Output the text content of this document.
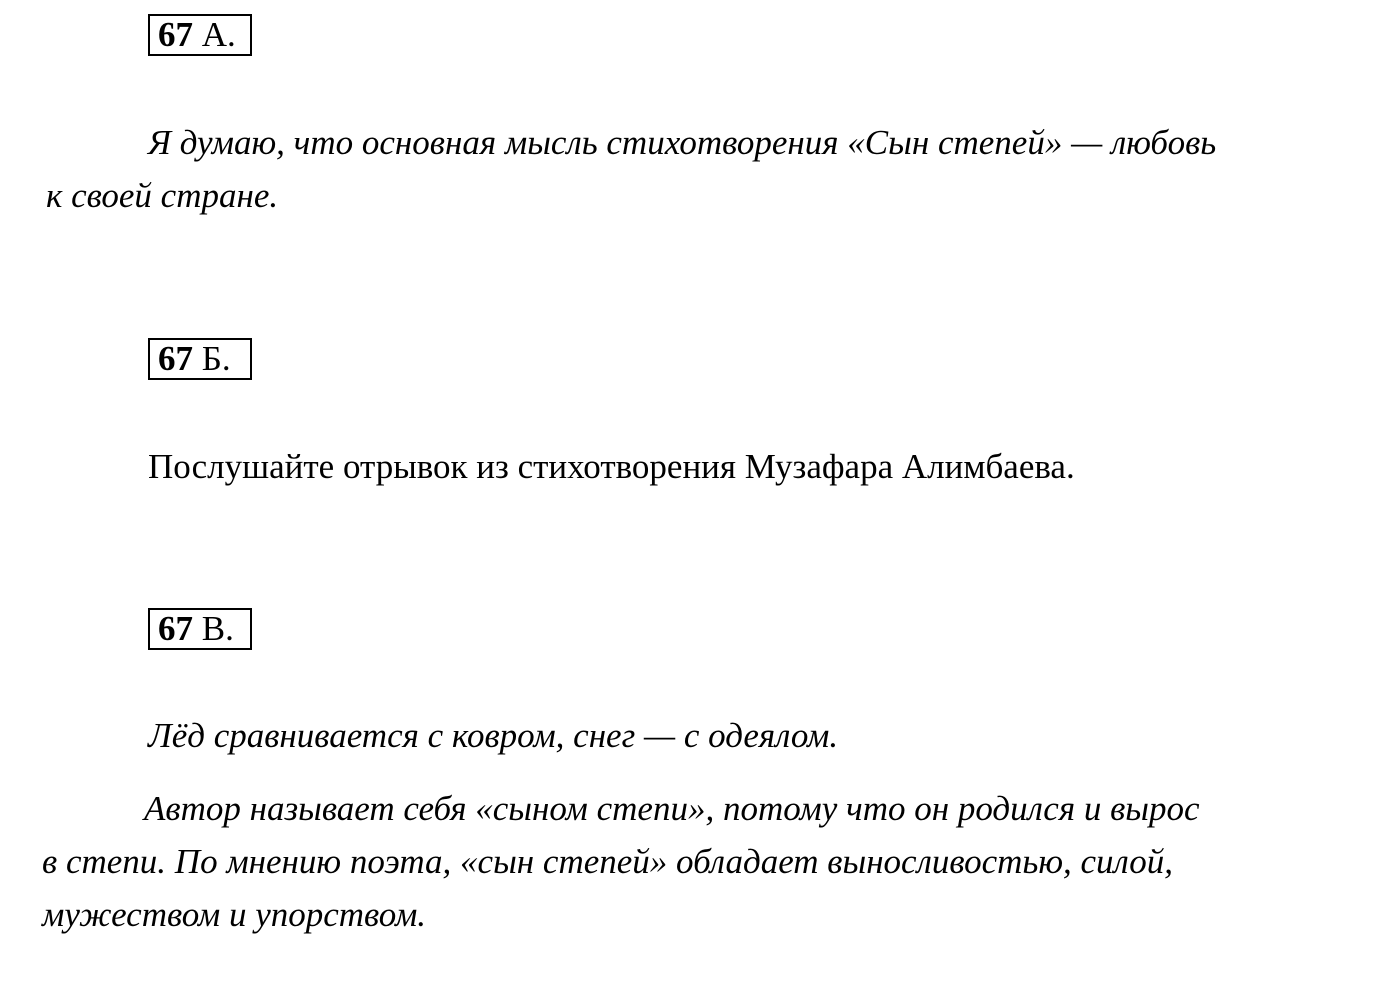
67 А.

Я думаю, что основная мысль стихотворения «Сын степей» — любовь

к своей стране.

67 Б.

Послушайте отрывок из стихотворения Музафара Алимбаева.

67 В.

Лёд сравнивается с ковром, снег — с одеялом.

Автор называет себя «сыном степи», потому что он родился и вырос

в степи. По мнению поэта, «сын степей» обладает выносливостью, силой,

мужеством и упорством.
